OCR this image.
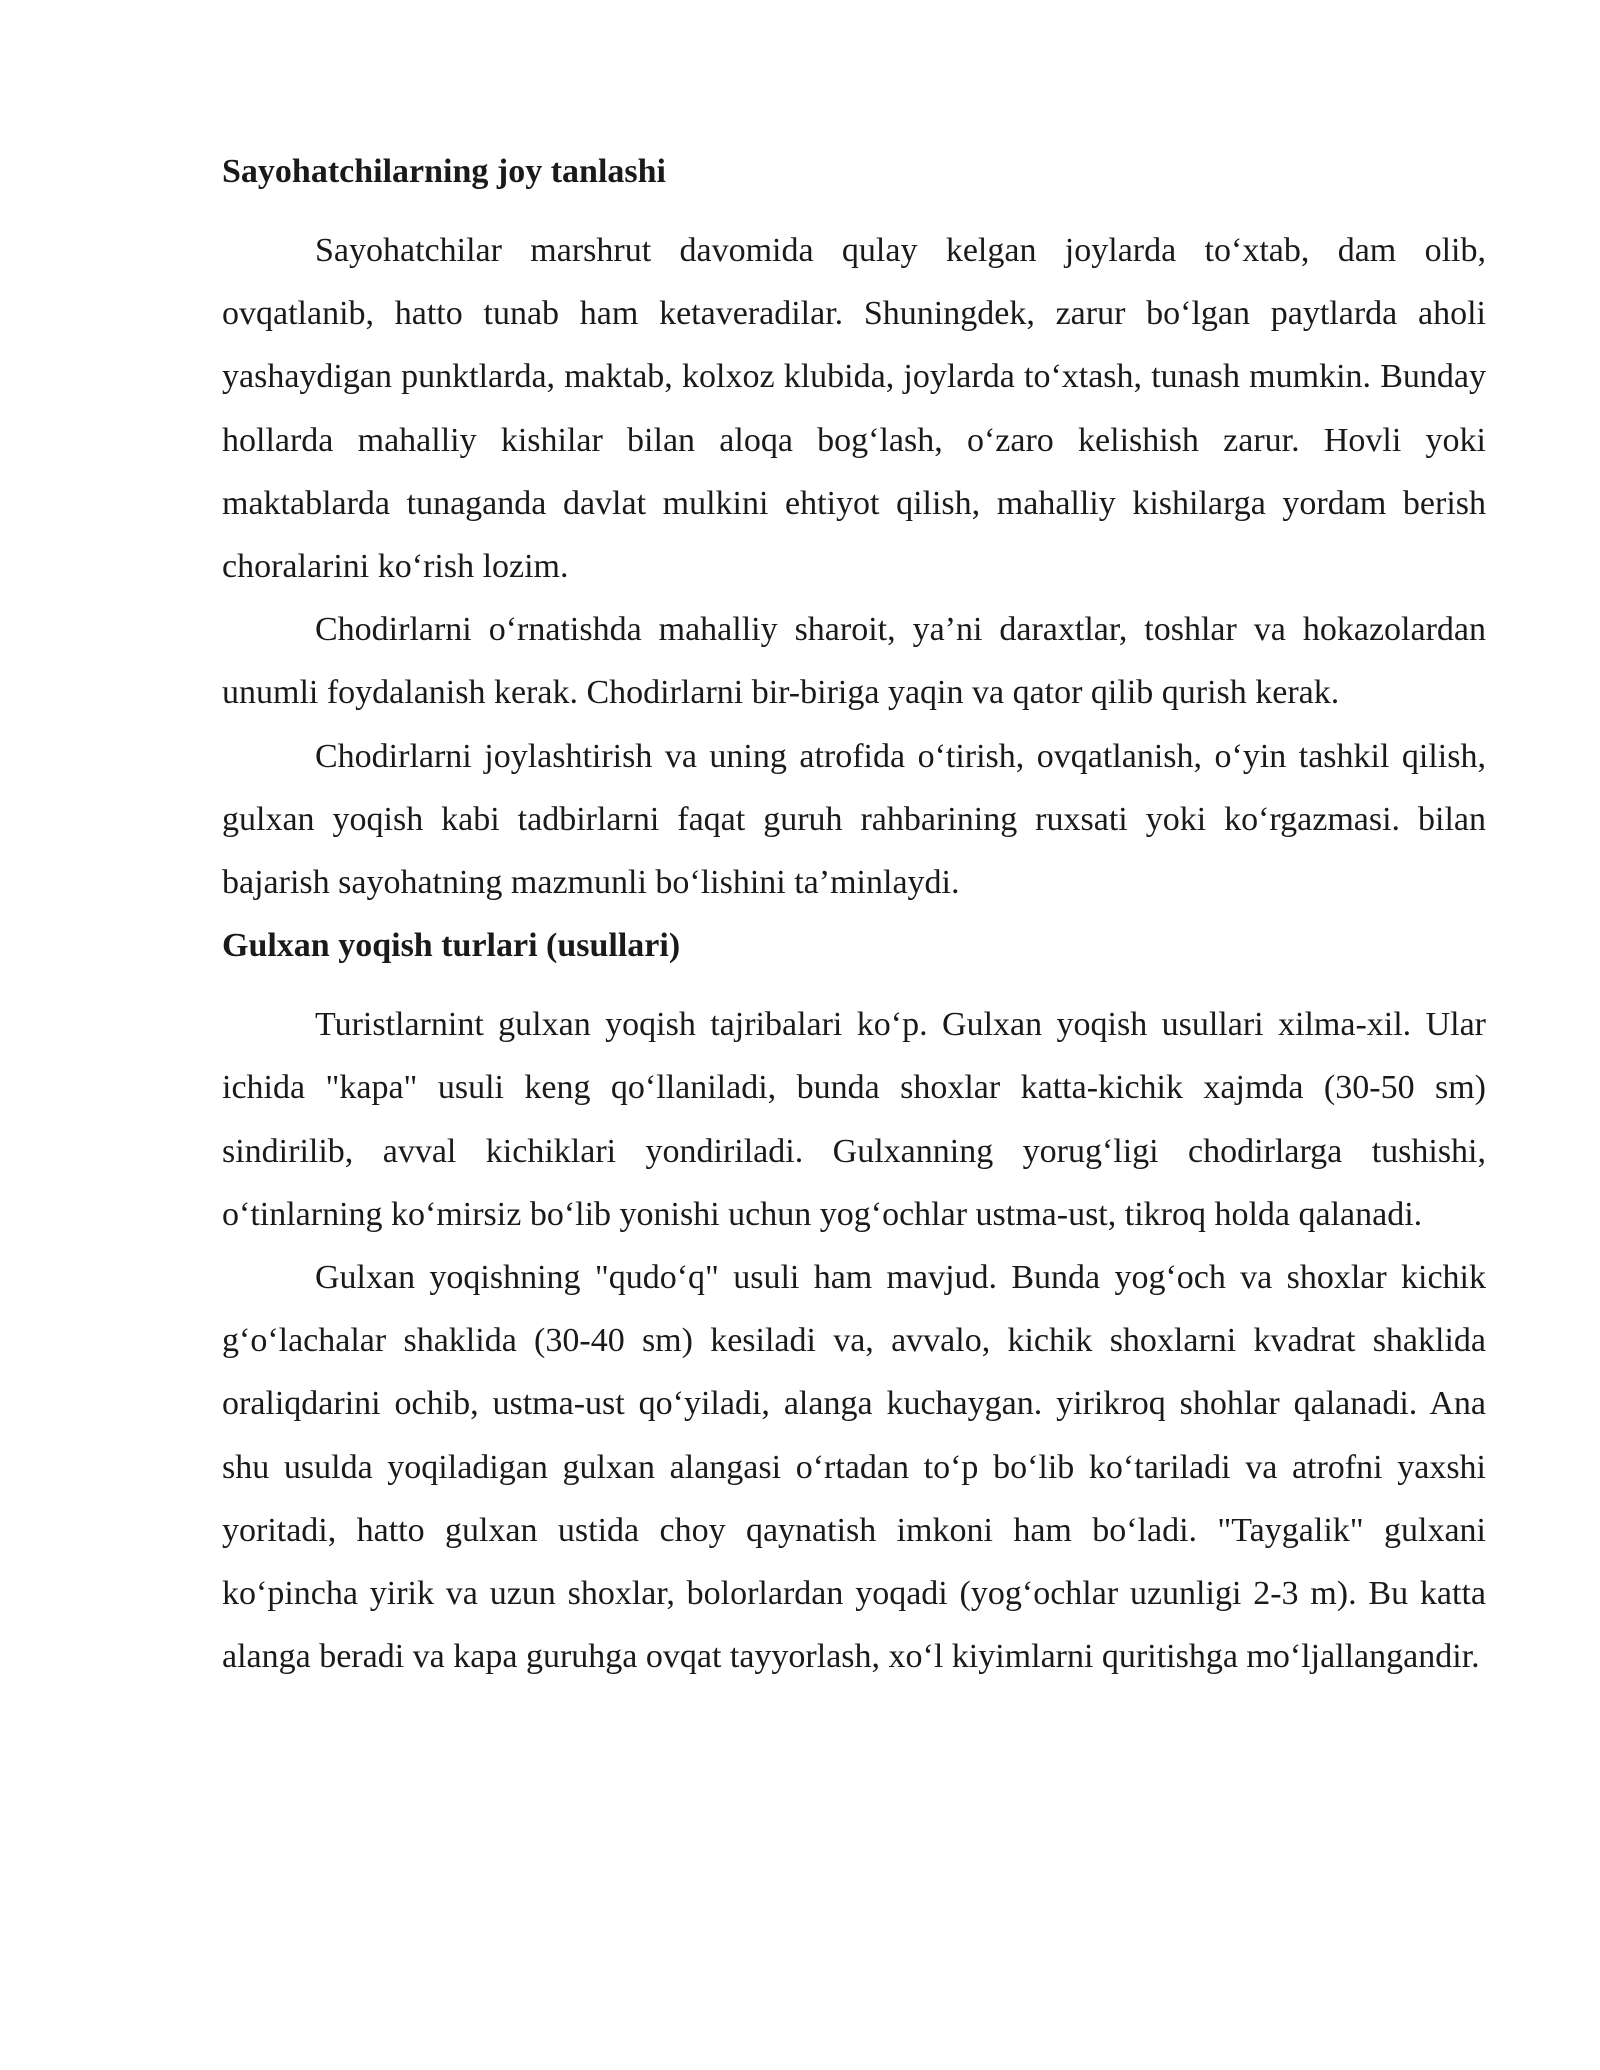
Sayohatchilarning joy tanlashi

Sayohatchilar marshrut davomida qulay kelgan joylarda to‘xtab, dam olib, ovqatlanib, hatto tunab ham ketaveradilar. Shuningdek, zarur bo‘lgan paytlarda aholi yashaydigan punktlarda, maktab, kolxoz klubida, joylarda to‘xtash, tunash mumkin. Bunday hollarda mahalliy kishilar bilan aloqa bog‘lash, o‘zaro kelishish zarur. Hovli yoki maktablarda tunaganda davlat mulkini ehtiyot qilish, mahalliy kishilarga yordam berish choralarini ko‘rish lozim.

Chodirlarni o‘rnatishda mahalliy sharoit, ya’ni daraxtlar, toshlar va hokazolardan unumli foydalanish kerak. Chodirlarni bir-biriga yaqin va qator qilib qurish kerak.

Chodirlarni joylashtirish va uning atrofida o‘tirish, ovqatlanish, o‘yin tashkil qilish, gulxan yoqish kabi tadbirlarni faqat guruh rahbarining ruxsati yoki ko‘rgazmasi. bilan bajarish sayohatning mazmunli bo‘lishini ta’minlaydi.

Gulxan yoqish turlari (usullari)

Turistlarnint gulxan yoqish tajribalari ko‘p. Gulxan yoqish usullari xilma-xil. Ular ichida "kapa" usuli keng qo‘llaniladi, bunda shoxlar katta-kichik xajmda (30-50 sm) sindirilib, avval kichiklari yondiriladi. Gulxanning yorug‘ligi chodirlarga tushishi, o‘tinlarning ko‘mirsiz bo‘lib yonishi uchun yog‘ochlar ustma-ust, tikroq holda qalanadi.

Gulxan yoqishning "qudo‘q" usuli ham mavjud. Bunda yog‘och va shoxlar kichik g‘o‘lachalar shaklida (30-40 sm) kesiladi va, avvalo, kichik shoxlarni kvadrat shaklida oraliqdarini ochib, ustma-ust qo‘yiladi, alanga kuchaygan. yirikroq shohlar qalanadi. Ana shu usulda yoqiladigan gulxan alangasi o‘rtadan to‘p bo‘lib ko‘tariladi va atrofni yaxshi yoritadi, hatto gulxan ustida choy qaynatish imkoni ham bo‘ladi. "Taygalik" gulxani ko‘pincha yirik va uzun shoxlar, bolorlardan yoqadi (yog‘ochlar uzunligi 2-3 m). Bu katta alanga beradi va kapa guruhga ovqat tayyorlash, xo‘l kiyimlarni quritishga mo‘ljallangandir.
